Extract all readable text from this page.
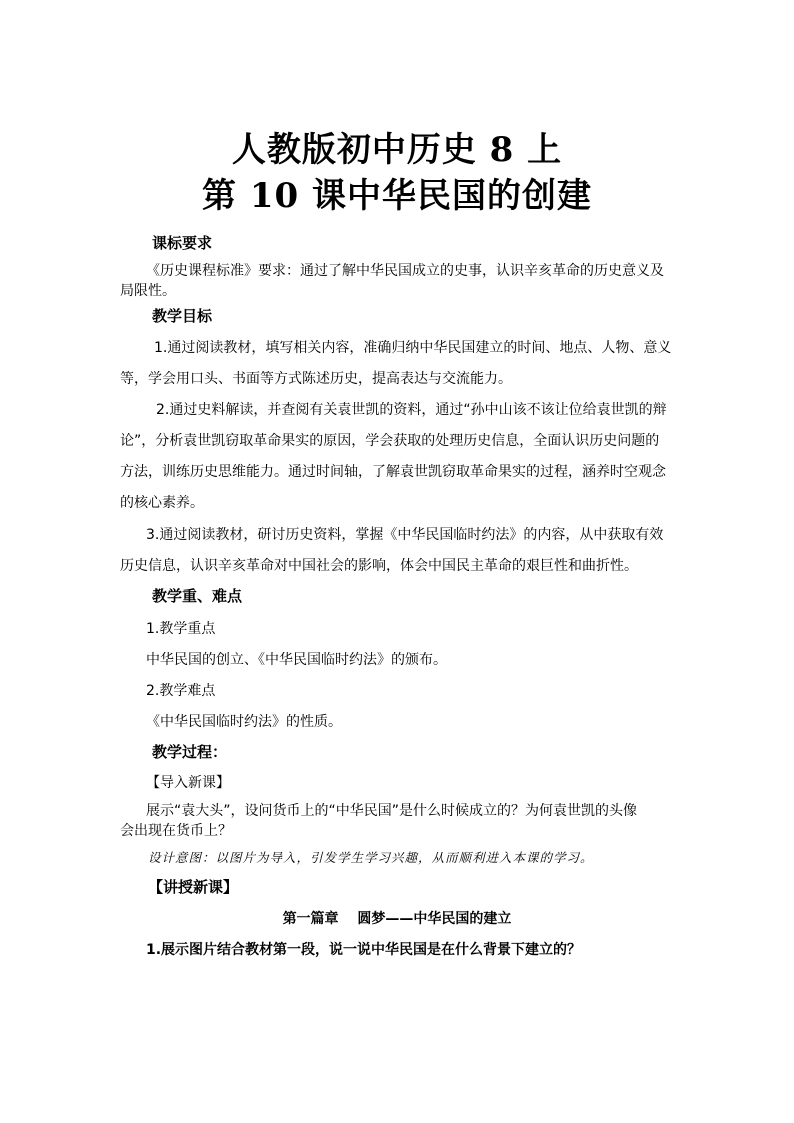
人教版初中历史 8 上
第 10 课中华民国的创建
课标要求
《历史课程标准》要求：通过了解中华民国成立的史事，认识辛亥革命的历史意义及
局限性。
教学目标
1.通过阅读教材，填写相关内容，准确归纳中华民国建立的时间、地点、人物、意义
等，学会用口头、书面等方式陈述历史，提高表达与交流能力。
2.通过史料解读，并查阅有关袁世凯的资料，通过“孙中山该不该让位给袁世凯的辩
论”，分析袁世凯窃取革命果实的原因，学会获取的处理历史信息，全面认识历史问题的
方法，训练历史思维能力。通过时间轴，了解袁世凯窃取革命果实的过程，涵养时空观念
的核心素养。
3.通过阅读教材，研讨历史资料，掌握《中华民国临时约法》的内容，从中获取有效
历史信息，认识辛亥革命对中国社会的影响，体会中国民主革命的艰巨性和曲折性。
教学重、难点
1.教学重点
中华民国的创立、《中华民国临时约法》的颁布。
2.教学难点
《中华民国临时约法》的性质。
教学过程：
【导入新课】
展示“袁大头”，设问货币上的“中华民国”是什么时候成立的？为何袁世凯的头像
会出现在货币上？
设计意图：以图片为导入，引发学生学习兴趣，从而顺利进入本课的学习。
【讲授新课】
第一篇章　 圆梦——中华民国的建立
1.展示图片结合教材第一段，说一说中华民国是在什么背景下建立的？
